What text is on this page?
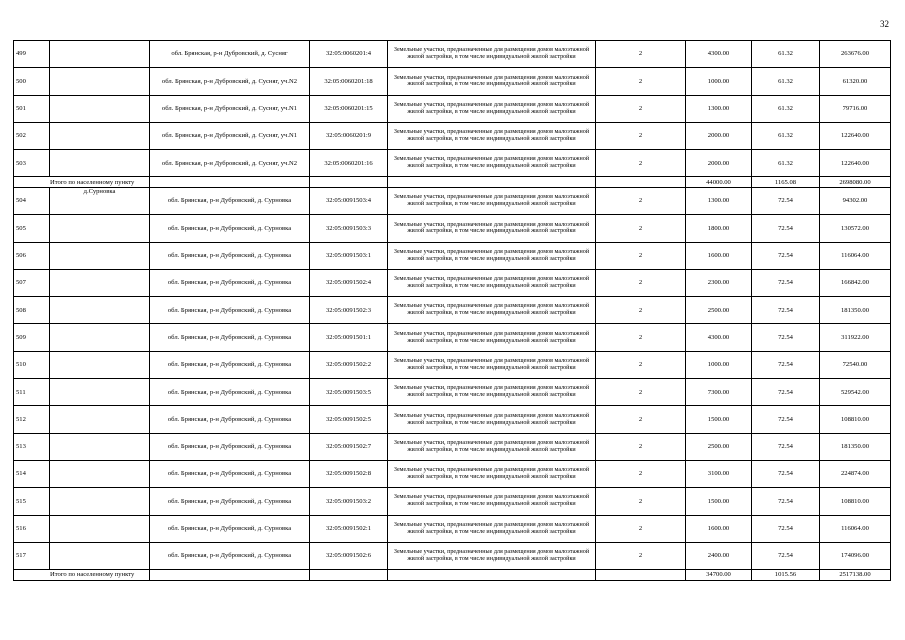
32
499		обл. Брянская, р-н Дубровский, д. Сусняг	32:05:0060201:4	Земельные участки, предназначенные для размещения домов малоэтажной жилой застройки, в том числе индивидуальной жилой застройки	2	4300.00	61.32	263676.00
500		обл. Брянская, р-н Дубровский, д. Сусняг, уч.N2	32:05:0060201:18	Земельные участки, предназначенные для размещения домов малоэтажной жилой застройки, в том числе индивидуальной жилой застройки	2	1000.00	61.32	61320.00
501		обл. Брянская, р-н Дубровский, д. Сусняг, уч.N1	32:05:0060201:15	Земельные участки, предназначенные для размещения домов малоэтажной жилой застройки, в том числе индивидуальной жилой застройки	2	1300.00	61.32	79716.00
502		обл. Брянская, р-н Дубровский, д. Сусняг, уч.N1	32:05:0060201:9	Земельные участки, предназначенные для размещения домов малоэтажной жилой застройки, в том числе индивидуальной жилой застройки	2	2000.00	61.32	122640.00
503		обл. Брянская, р-н Дубровский, д. Сусняг, уч.N2	32:05:0060201:16	Земельные участки, предназначенные для размещения домов малоэтажной жилой застройки, в том числе индивидуальной жилой застройки	2	2000.00	61.32	122640.00
Итого по населенному пункту						44000.00	1165.08	2698080.00
504	д.Сурновка	обл. Брянская, р-н Дубровский, д. Сурновка	32:05:0091503:4	Земельные участки, предназначенные для размещения домов малоэтажной жилой застройки, в том числе индивидуальной жилой застройки	2	1300.00	72.54	94302.00
505		обл. Брянская, р-н Дубровский, д. Сурновка	32:05:0091503:3	Земельные участки, предназначенные для размещения домов малоэтажной жилой застройки, в том числе индивидуальной жилой застройки	2	1800.00	72.54	130572.00
506		обл. Брянская, р-н Дубровский, д. Сурновка	32:05:0091503:1	Земельные участки, предназначенные для размещения домов малоэтажной жилой застройки, в том числе индивидуальной жилой застройки	2	1600.00	72.54	116064.00
507		обл. Брянская, р-н Дубровский, д. Сурновка	32:05:0091502:4	Земельные участки, предназначенные для размещения домов малоэтажной жилой застройки, в том числе индивидуальной жилой застройки	2	2300.00	72.54	166842.00
508		обл. Брянская, р-н Дубровский, д. Сурновка	32:05:0091502:3	Земельные участки, предназначенные для размещения домов малоэтажной жилой застройки, в том числе индивидуальной жилой застройки	2	2500.00	72.54	181350.00
509		обл. Брянская, р-н Дубровский, д. Сурновка	32:05:0091501:1	Земельные участки, предназначенные для размещения домов малоэтажной жилой застройки, в том числе индивидуальной жилой застройки	2	4300.00	72.54	311922.00
510		обл. Брянская, р-н Дубровский, д. Сурновка	32:05:0091502:2	Земельные участки, предназначенные для размещения домов малоэтажной жилой застройки, в том числе индивидуальной жилой застройки	2	1000.00	72.54	72540.00
511		обл. Брянская, р-н Дубровский, д. Сурновка	32:05:0091503:5	Земельные участки, предназначенные для размещения домов малоэтажной жилой застройки, в том числе индивидуальной жилой застройки	2	7300.00	72.54	529542.00
512		обл. Брянская, р-н Дубровский, д. Сурновка	32:05:0091502:5	Земельные участки, предназначенные для размещения домов малоэтажной жилой застройки, в том числе индивидуальной жилой застройки	2	1500.00	72.54	108810.00
513		обл. Брянская, р-н Дубровский, д. Сурновка	32:05:0091502:7	Земельные участки, предназначенные для размещения домов малоэтажной жилой застройки, в том числе индивидуальной жилой застройки	2	2500.00	72.54	181350.00
514		обл. Брянская, р-н Дубровский, д. Сурновка	32:05:0091502:8	Земельные участки, предназначенные для размещения домов малоэтажной жилой застройки, в том числе индивидуальной жилой застройки	2	3100.00	72.54	224874.00
515		обл. Брянская, р-н Дубровский, д. Сурновка	32:05:0091503:2	Земельные участки, предназначенные для размещения домов малоэтажной жилой застройки, в том числе индивидуальной жилой застройки	2	1500.00	72.54	108810.00
516		обл. Брянская, р-н Дубровский, д. Сурновка	32:05:0091502:1	Земельные участки, предназначенные для размещения домов малоэтажной жилой застройки, в том числе индивидуальной жилой застройки	2	1600.00	72.54	116064.00
517		обл. Брянская, р-н Дубровский, д. Сурновка	32:05:0091502:6	Земельные участки, предназначенные для размещения домов малоэтажной жилой застройки, в том числе индивидуальной жилой застройки	2	2400.00	72.54	174096.00
Итого по населенному пункту						34700.00	1015.56	2517138.00
